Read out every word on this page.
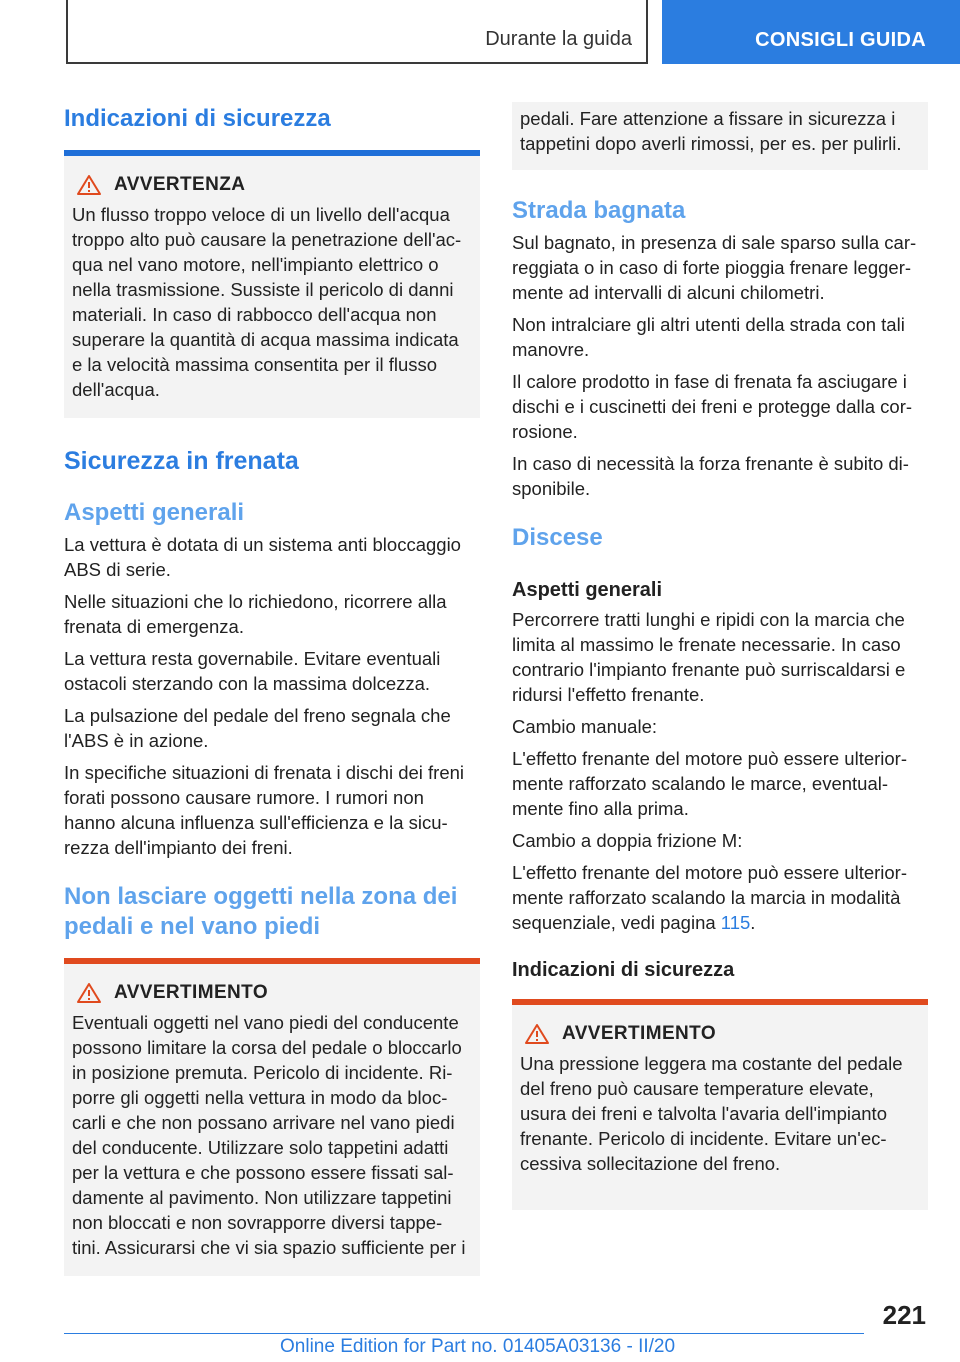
Durante la guida	CONSIGLI GUIDA
Indicazioni di sicurezza
AVVERTENZA

Un flusso troppo veloce di un livello dell'acqua troppo alto può causare la penetrazione dell'ac- qua nel vano motore, nell'impianto elettrico o nella trasmissione. Sussiste il pericolo di danni materiali. In caso di rabbocco dell'acqua non superare la quantità di acqua massima indicata e la velocità massima consentita per il flusso dell'acqua.

Sicurezza in frenata
Aspetti generali

La vettura è dotata di un sistema anti bloccaggio ABS di serie.

Nelle situazioni che lo richiedono, ricorrere alla frenata di emergenza.

La vettura resta governabile. Evitare eventuali ostacoli sterzando con la massima dolcezza.

La pulsazione del pedale del freno segnala che l'ABS è in azione.

In specifiche situazioni di frenata i dischi dei freni forati possono causare rumore. I rumori non hanno alcuna influenza sull'efficienza e la sicu- rezza dell'impianto dei freni.

Non lasciare oggetti nella zona dei pedali e nel vano piedi
AVVERTIMENTO

Eventuali oggetti nel vano piedi del conducente possono limitare la corsa del pedale o bloccarlo in posizione premuta. Pericolo di incidente. Ri- porre gli oggetti nella vettura in modo da bloc- carli e che non possano arrivare nel vano piedi del conducente. Utilizzare solo tappetini adatti per la vettura e che possono essere fissati sal- damente al pavimento. Non utilizzare tappetini non bloccati e non sovrapporre diversi tappe- tini. Assicurarsi che vi sia spazio sufficiente per i

pedali. Fare attenzione a fissare in sicurezza i tappetini dopo averli rimossi, per es. per pulirli.

Strada bagnata

Sul bagnato, in presenza di sale sparso sulla car- reggiata o in caso di forte pioggia frenare legger- mente ad intervalli di alcuni chilometri.

Non intralciare gli altri utenti della strada con tali manovre.

Il calore prodotto in fase di frenata fa asciugare i dischi e i cuscinetti dei freni e protegge dalla cor- rosione.

In caso di necessità la forza frenante è subito di- sponibile.

Discese
Aspetti generali

Percorrere tratti lunghi e ripidi con la marcia che limita al massimo le frenate necessarie. In caso contrario l'impianto frenante può surriscaldarsi e ridursi l'effetto frenante.

Cambio manuale:

L'effetto frenante del motore può essere ulterior- mente rafforzato scalando le marce, eventual- mente fino alla prima.

Cambio a doppia frizione M:

L'effetto frenante del motore può essere ulterior- mente rafforzato scalando la marcia in modalità sequenziale, vedi pagina 115.

Indicazioni di sicurezza
AVVERTIMENTO

Una pressione leggera ma costante del pedale del freno può causare temperature elevate, usura dei freni e talvolta l'avaria dell'impianto frenante. Pericolo di incidente. Evitare un'ec- cessiva sollecitazione del freno.

221
Online Edition for Part no. 01405A03136 - II/20
